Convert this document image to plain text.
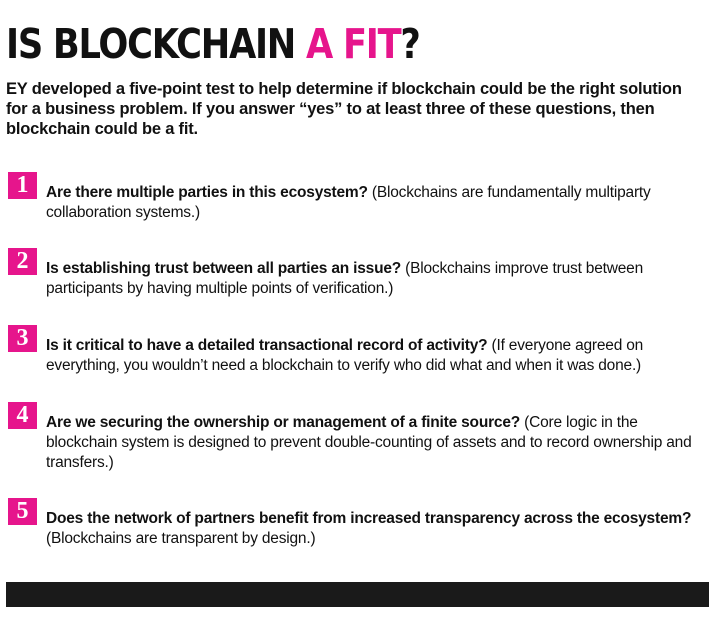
IS BLOCKCHAIN A FIT?

EY developed a five-point test to help determine if blockchain could be the right solution for a business problem. If you answer “yes” to at least three of these questions, then blockchain could be a fit.

1	Are there multiple parties in this ecosystem? (Blockchains are fundamentally multiparty collaboration systems.)

2	Is establishing trust between all parties an issue? (Blockchains improve trust between participants by having multiple points of verification.)

3	Is it critical to have a detailed transactional record of activity? (If everyone agreed on everything, you wouldn’t need a blockchain to verify who did what and when it was done.)

4	Are we securing the ownership or management of a finite source? (Core logic in the blockchain system is designed to prevent double-counting of assets and to record ownership and transfers.)

5	Does the network of partners benefit from increased transparency across the ecosystem? (Blockchains are transparent by design.)
